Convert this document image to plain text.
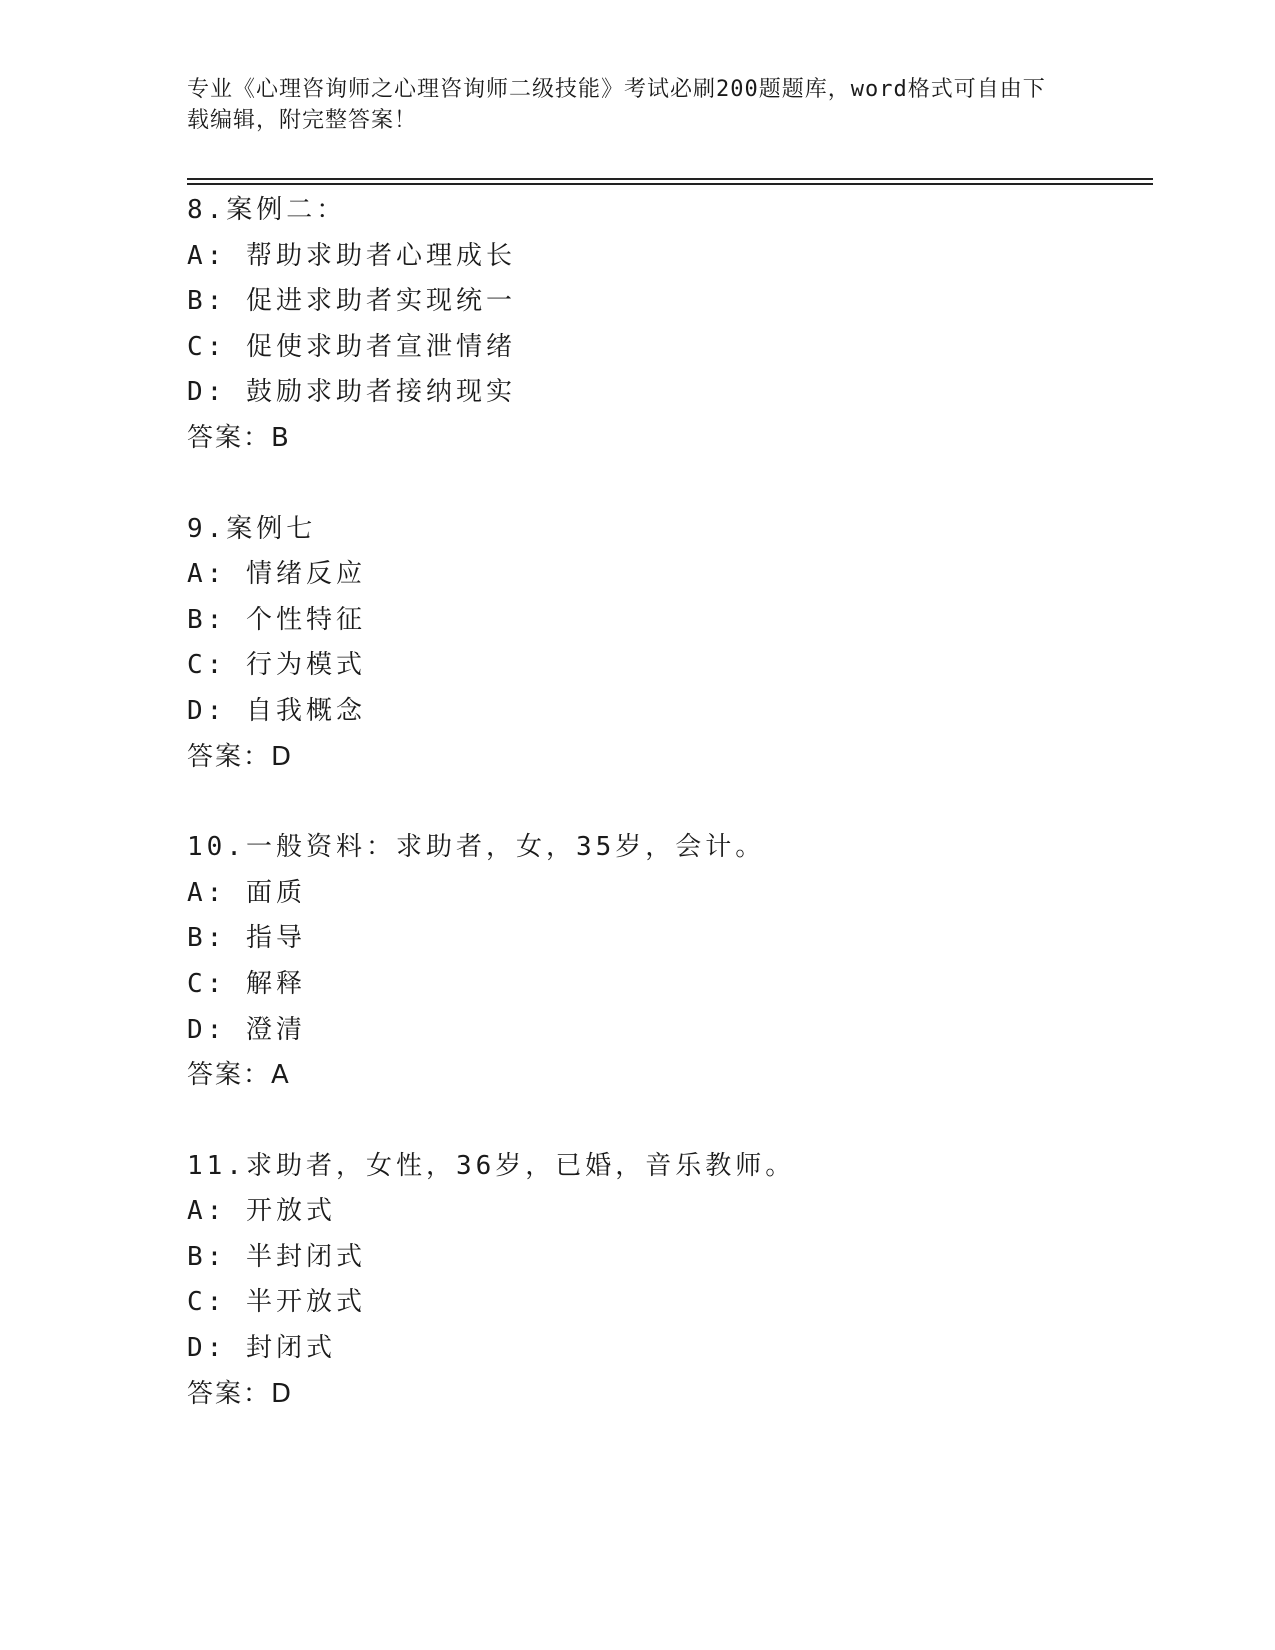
专业《心理咨询师之心理咨询师二级技能》考试必刷200题题库，word格式可自由下载编辑，附完整答案！
8.案例二：
A: 帮助求助者心理成长
B: 促进求助者实现统一
C: 促使求助者宣泄情绪
D: 鼓励求助者接纳现实
答案：B
9.案例七
A: 情绪反应
B: 个性特征
C: 行为模式
D: 自我概念
答案：D
10.一般资料：求助者，女，35岁，会计。
A: 面质
B: 指导
C: 解释
D: 澄清
答案：A
11.求助者，女性，36岁，已婚，音乐教师。
A: 开放式
B: 半封闭式
C: 半开放式
D: 封闭式
答案：D
